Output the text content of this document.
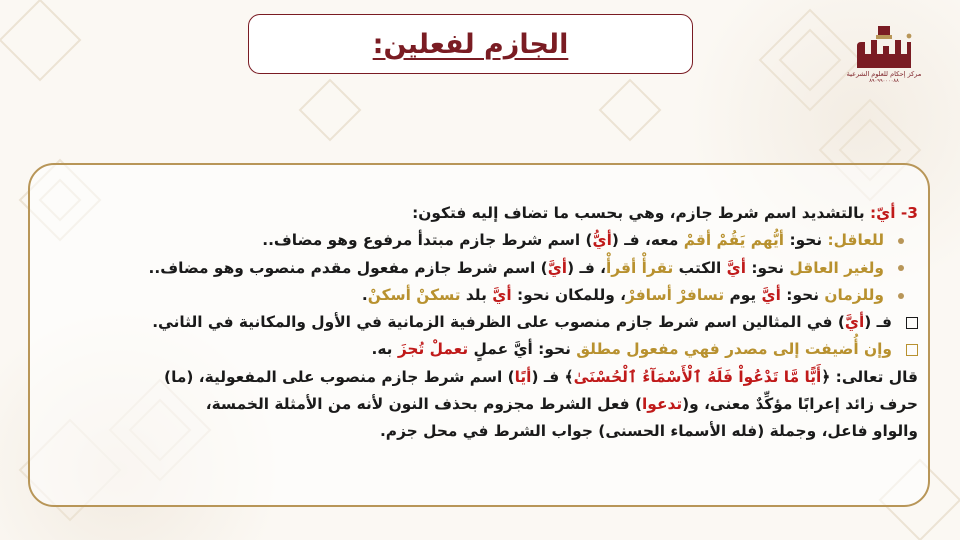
الجازم لفعلين:
مركز إحكام للعلوم الشرعية
٨٩٠٩٩٠٠٠٠٨٨
3- أيّ: بالتشديد اسم شرط جازم، وهي بحسب ما تضاف إليه فتكون:
للعاقل: نحو: أيُّهم يَقُمْ أقمْ معه، فـ (أيُّ) اسم شرط جازم مبتدأ مرفوع وهو مضاف..
ولغير العاقل نحو: أيَّ الكتب تقرأْ أقرأْ، فـ (أيَّ) اسم شرط جازم مفعول مقدم منصوب وهو مضاف..
وللزمان نحو: أيَّ يوم تسافرْ أسافرْ، وللمكان نحو: أيَّ بلد تسكنْ أسكنْ.
فـ (أيَّ) في المثالين اسم شرط جازم منصوب على الظرفية الزمانية في الأول والمكانية في الثاني.
وإن أُضيفت إلى مصدر فهي مفعول مطلق نحو: أيَّ عملٍ تعملْ تُجزَ به.
قال تعالى: ﴿أَيًّا مَّا تَدْعُواْ فَلَهُ ٱلْأَسْمَآءُ ٱلْحُسْنَىٰ﴾ فـ (أيًا) اسم شرط جازم منصوب على المفعولية، (ما)
حرف زائد إعرابًا مؤكِّدٌ معنى، و(تدعوا) فعل الشرط مجزوم بحذف النون لأنه من الأمثلة الخمسة،
والواو فاعل، وجملة (فله الأسماء الحسنى) جواب الشرط في محل جزم.
